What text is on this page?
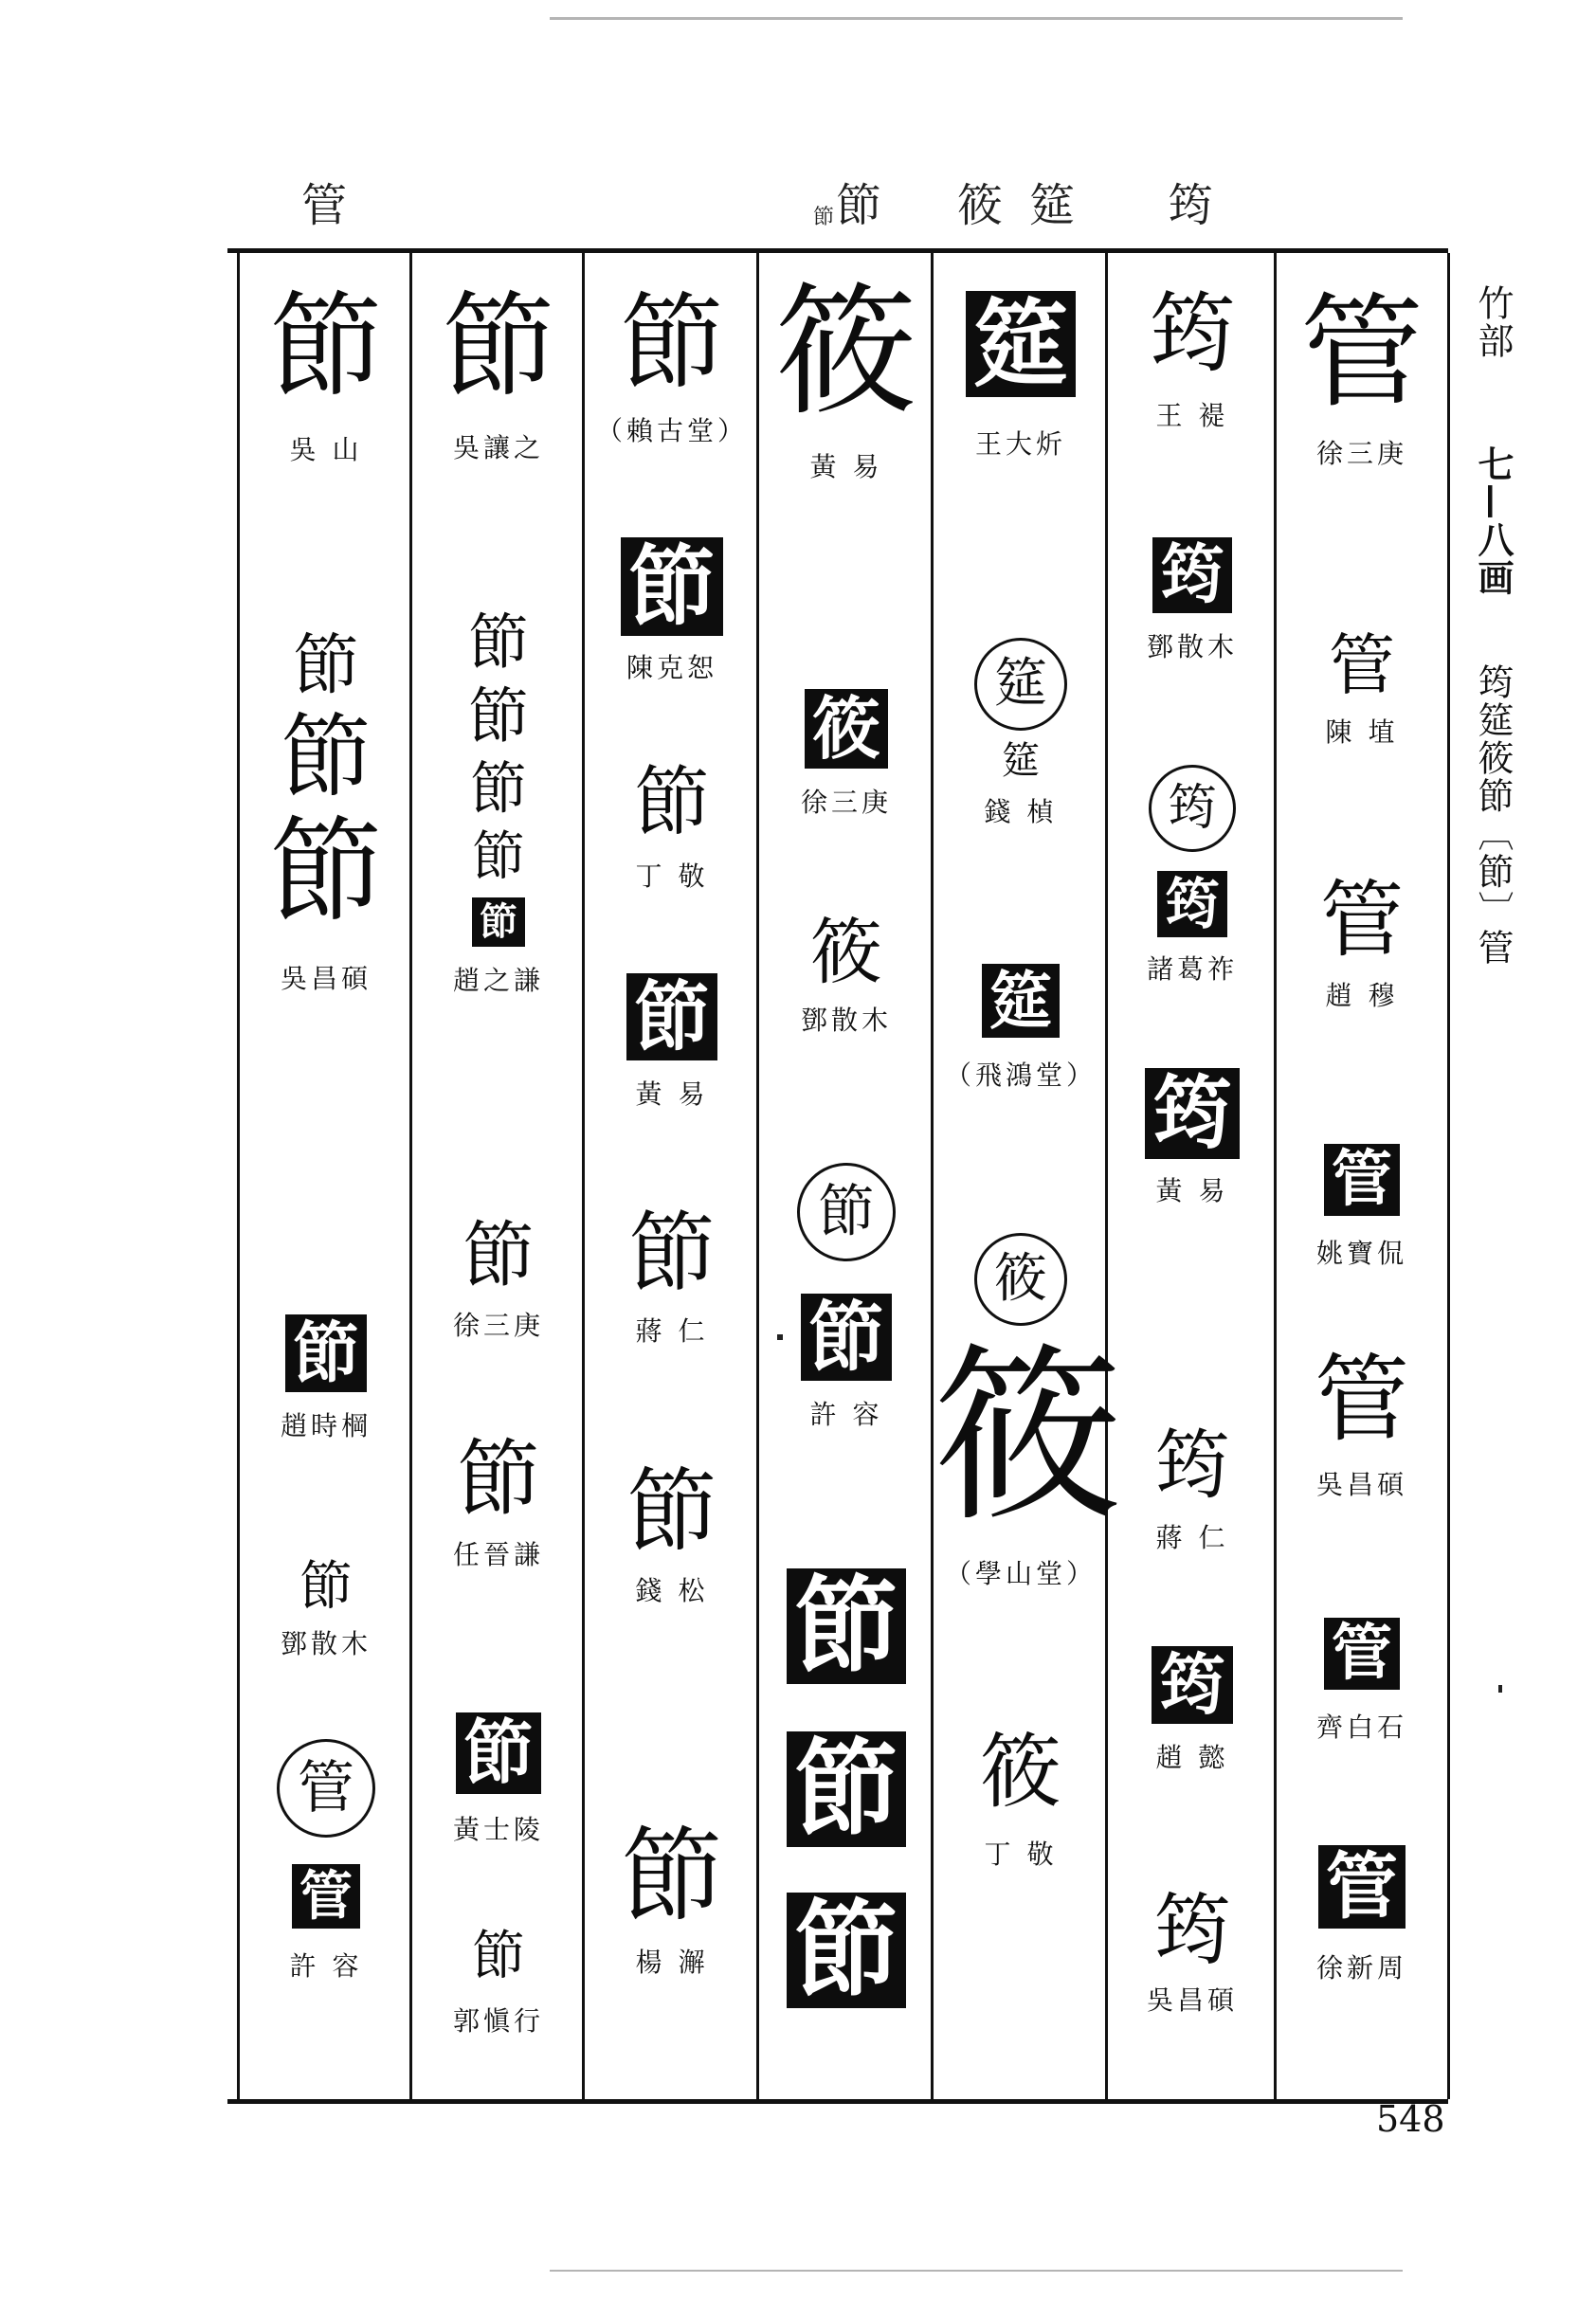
管	節 節 筱 筵 筠
管
徐三庚
管
陳 埴
管
趙 穆
管
姚寶侃
管
吳昌碩
管
齊白石
管
徐新周
筠
王 褆
筠
鄧散木
筠
筠
諸葛祚
筠
黃 易
筠
蔣 仁
筠
趙 懿
筠
吳昌碩
筵
王大炘
筵
筵
錢 楨
筵
（飛鴻堂）
筱
筱
（學山堂）
筱
丁 敬
筱
黃 易
筱
徐三庚
筱
鄧散木
節
節
許 容
節
節
節
節
（賴古堂）
節
陳克恕
節
丁 敬
節
黃 易
節
蔣 仁
節
錢 松
節
楊 澥
節
吳讓之
節
節
節
節
節
趙之謙
節
徐三庚
節
任晉謙
節
黃士陵
節
郭愼行
節
吳 山
節
節
節
吳昌碩
節
趙時棡
節
鄧散木
管
管
許 容
竹部
七—八画
筠筵筱節〔節〕管
548
